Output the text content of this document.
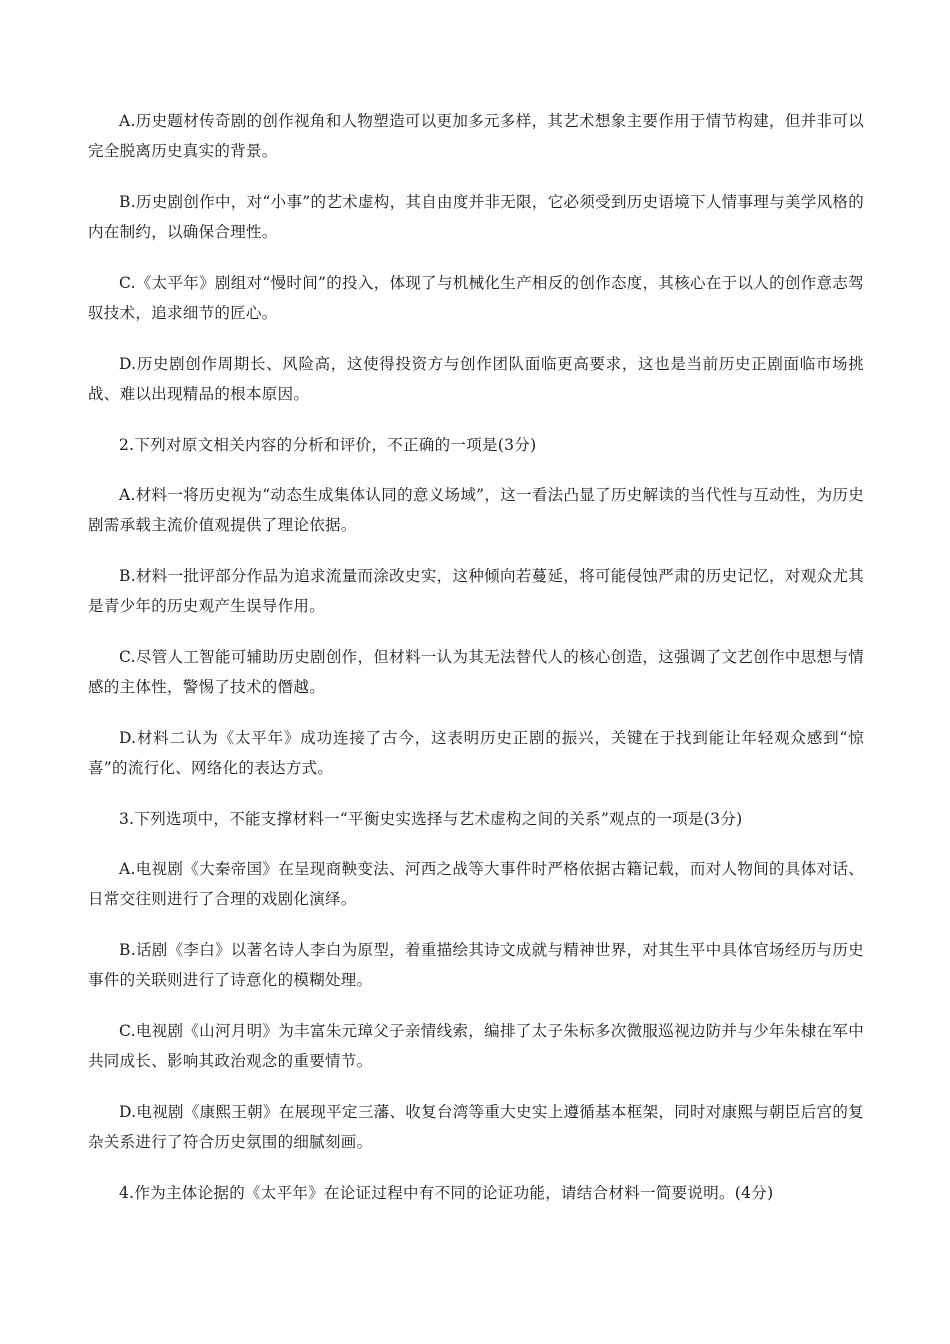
A.历史题材传奇剧的创作视角和人物塑造可以更加多元多样，其艺术想象主要作用于情节构建，但并非可以完全脱离历史真实的背景。

B.历史剧创作中，对“小事”的艺术虚构，其自由度并非无限，它必须受到历史语境下人情事理与美学风格的内在制约，以确保合理性。

C.《太平年》剧组对“慢时间”的投入，体现了与机械化生产相反的创作态度，其核心在于以人的创作意志驾驭技术，追求细节的匠心。

D.历史剧创作周期长、风险高，这使得投资方与创作团队面临更高要求，这也是当前历史正剧面临市场挑战、难以出现精品的根本原因。

2.下列对原文相关内容的分析和评价，不正确的一项是(3分)

A.材料一将历史视为“动态生成集体认同的意义场域”，这一看法凸显了历史解读的当代性与互动性，为历史剧需承载主流价值观提供了理论依据。

B.材料一批评部分作品为追求流量而涂改史实，这种倾向若蔓延，将可能侵蚀严肃的历史记忆，对观众尤其是青少年的历史观产生误导作用。

C.尽管人工智能可辅助历史剧创作，但材料一认为其无法替代人的核心创造，这强调了文艺创作中思想与情感的主体性，警惕了技术的僭越。

D.材料二认为《太平年》成功连接了古今，这表明历史正剧的振兴，关键在于找到能让年轻观众感到“惊喜”的流行化、网络化的表达方式。

3.下列选项中，不能支撑材料一“平衡史实选择与艺术虚构之间的关系”观点的一项是(3分)

A.电视剧《大秦帝国》在呈现商鞅变法、河西之战等大事件时严格依据古籍记载，而对人物间的具体对话、日常交往则进行了合理的戏剧化演绎。

B.话剧《李白》以著名诗人李白为原型，着重描绘其诗文成就与精神世界，对其生平中具体官场经历与历史事件的关联则进行了诗意化的模糊处理。

C.电视剧《山河月明》为丰富朱元璋父子亲情线索，编排了太子朱标多次微服巡视边防并与少年朱棣在军中共同成长、影响其政治观念的重要情节。

D.电视剧《康熙王朝》在展现平定三藩、收复台湾等重大史实上遵循基本框架，同时对康熙与朝臣后宫的复杂关系进行了符合历史氛围的细腻刻画。

4.作为主体论据的《太平年》在论证过程中有不同的论证功能，请结合材料一简要说明。(4分)
